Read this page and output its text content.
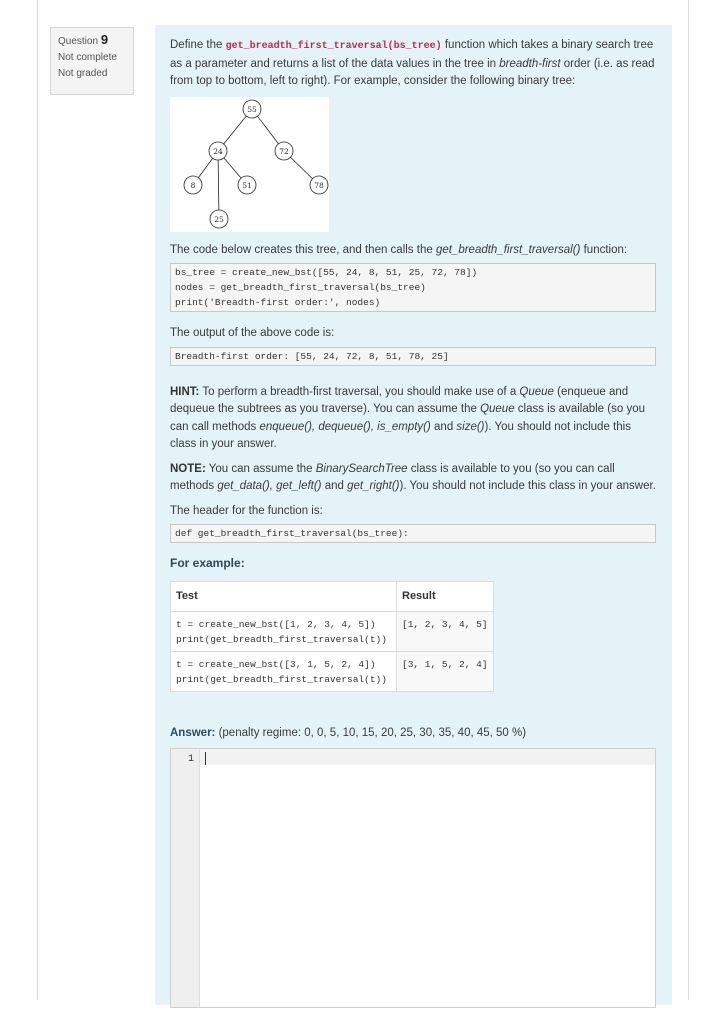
Question 9
Not complete
Not graded

Define the get_breadth_first_traversal(bs_tree) function which takes a binary search tree as a parameter and returns a list of the data values in the tree in breadth-first order (i.e. as read from top to bottom, left to right). For example, consider the following binary tree:

55
24	72
8	51	78
25

The code below creates this tree, and then calls the get_breadth_first_traversal() function:

bs_tree = create_new_bst([55, 24, 8, 51, 25, 72, 78])
nodes = get_breadth_first_traversal(bs_tree)
print('Breadth-first order:', nodes)

The output of the above code is:

Breadth-first order: [55, 24, 72, 8, 51, 78, 25]

HINT: To perform a breadth-first traversal, you should make use of a Queue (enqueue and dequeue the subtrees as you traverse). You can assume the Queue class is available (so you can call methods enqueue(), dequeue(), is_empty() and size()). You should not include this class in your answer.

NOTE: You can assume the BinarySearchTree class is available to you (so you can call methods get_data(), get_left() and get_right()). You should not include this class in your answer.

The header for the function is:

def get_breadth_first_traversal(bs_tree):
For example:
Test	Result
t = create_new_bst([1, 2, 3, 4, 5])
print(get_breadth_first_traversal(t))	[1, 2, 3, 4, 5]
t = create_new_bst([3, 1, 5, 2, 4])
print(get_breadth_first_traversal(t))	[3, 1, 5, 2, 4]

Answer: (penalty regime: 0, 0, 5, 10, 15, 20, 25, 30, 35, 40, 45, 50 %)

1
